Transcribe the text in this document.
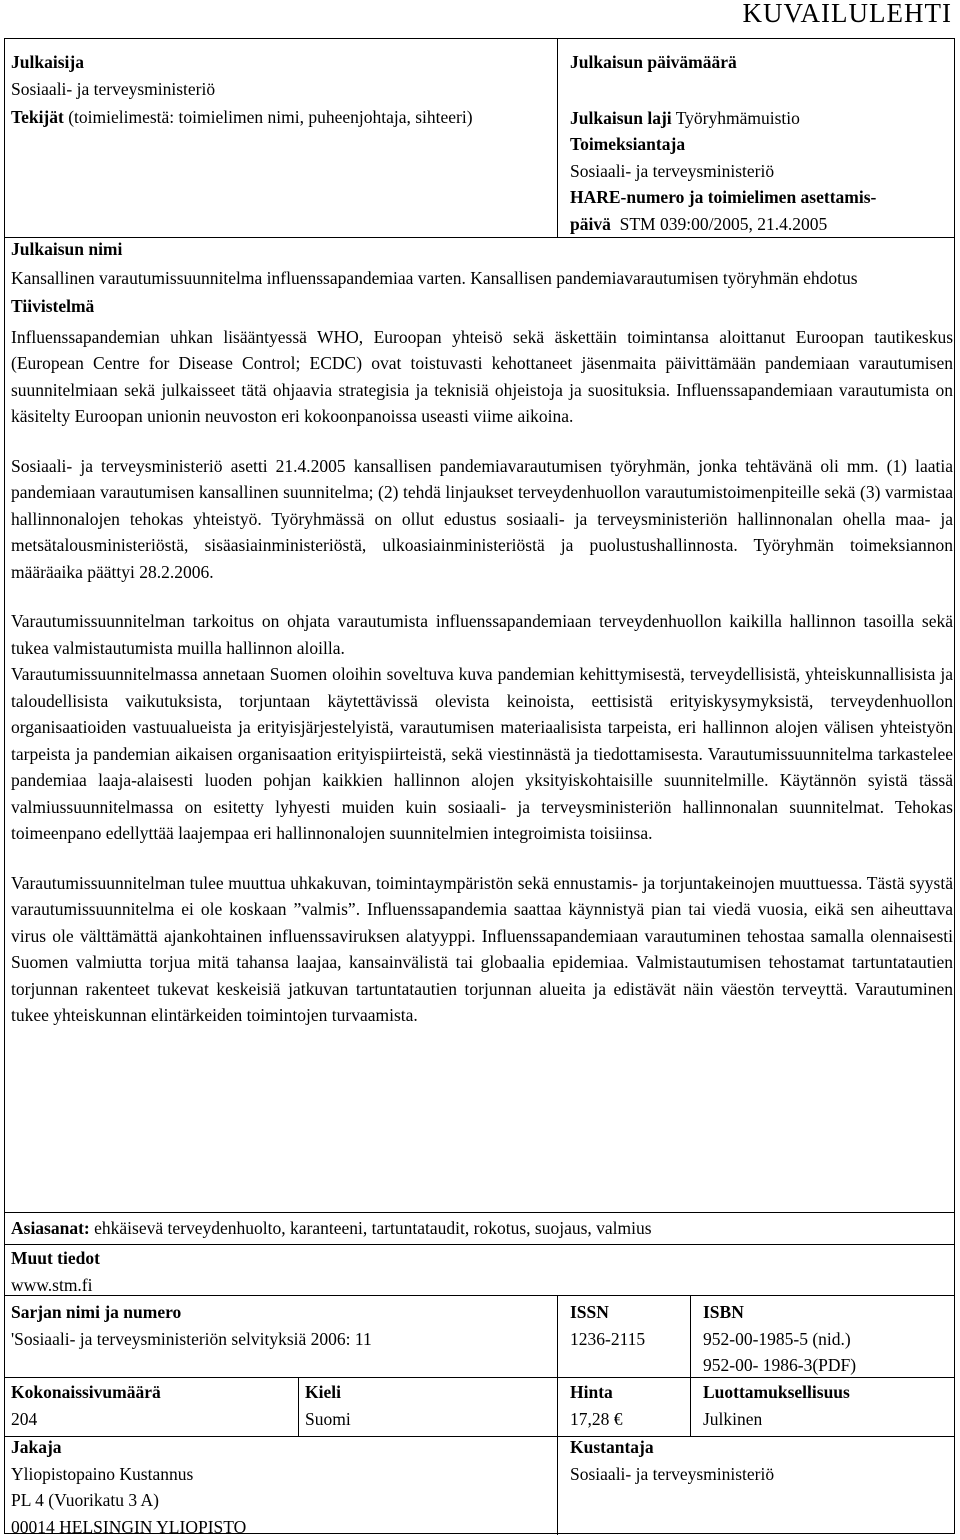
KUVAILULEHTI
Julkaisija
Sosiaali- ja terveysministeriö
Tekijät (toimielimestä: toimielimen nimi, puheenjohtaja, sihteeri)
Julkaisun päivämäärä
Julkaisun laji Työryhmämuistio
Toimeksiantaja
Sosiaali- ja terveysministeriö
HARE-numero ja toimielimen asettamis-
päivä STM 039:00/2005, 21.4.2005
Julkaisun nimi
Kansallinen varautumissuunnitelma influenssapandemiaa varten. Kansallisen pandemiavarautumisen työryhmän ehdotus
Tiivistelmä
Influenssapandemian uhkan lisääntyessä WHO, Euroopan yhteisö sekä äskettäin toimintansa aloittanut Euroopan tautikeskus (European Centre for Disease Control; ECDC) ovat toistuvasti kehottaneet jäsenmaita päivittämään pandemiaan varautumisen suunnitelmiaan sekä julkaisseet tätä ohjaavia strategisia ja teknisiä ohjeistoja ja suosituksia. Influenssapandemiaan varautumista on käsitelty Euroopan unionin neuvoston eri kokoonpanoissa useasti viime aikoina.
Sosiaali- ja terveysministeriö asetti 21.4.2005 kansallisen pandemiavarautumisen työryhmän, jonka tehtävänä oli mm. (1) laatia pandemiaan varautumisen kansallinen suunnitelma; (2) tehdä linjaukset terveydenhuollon varautumistoimenpiteille sekä (3) varmistaa hallinnonalojen tehokas yhteistyö. Työryhmässä on ollut edustus sosiaali- ja terveysministeriön hallinnonalan ohella maa- ja metsätalousministeriöstä, sisäasiainministeriöstä, ulkoasiainministeriöstä ja puolustushallinnosta. Työryhmän toimeksiannon määräaika päättyi 28.2.2006.
Varautumissuunnitelman tarkoitus on ohjata varautumista influenssapandemiaan terveydenhuollon kaikilla hallinnon tasoilla sekä tukea valmistautumista muilla hallinnon aloilla.
Varautumissuunnitelmassa annetaan Suomen oloihin soveltuva kuva pandemian kehittymisestä, terveydellisistä, yhteiskunnallisista ja taloudellisista vaikutuksista, torjuntaan käytettävissä olevista keinoista, eettisistä erityiskysymyksistä, terveydenhuollon organisaatioiden vastuualueista ja erityisjärjestelyistä, varautumisen materiaalisista tarpeista, eri hallinnon alojen välisen yhteistyön tarpeista ja pandemian aikaisen organisaation erityispiirteistä, sekä viestinnästä ja tiedottamisesta. Varautumissuunnitelma tarkastelee pandemiaa laaja-alaisesti luoden pohjan kaikkien hallinnon alojen yksityiskohtaisille suunnitelmille. Käytännön syistä tässä valmiussuunnitelmassa on esitetty lyhyesti muiden kuin sosiaali- ja terveysministeriön hallinnonalan suunnitelmat. Tehokas toimeenpano edellyttää laajempaa eri hallinnonalojen suunnitelmien integroimista toisiinsa.
Varautumissuunnitelman tulee muuttua uhkakuvan, toimintaympäristön sekä ennustamis- ja torjuntakeinojen muuttuessa. Tästä syystä varautumissuunnitelma ei ole koskaan ”valmis”. Influenssapandemia saattaa käynnistyä pian tai viedä vuosia, eikä sen aiheuttava virus ole välttämättä ajankohtainen influenssaviruksen alatyyppi. Influenssapandemiaan varautuminen tehostaa samalla olennaisesti Suomen valmiutta torjua mitä tahansa laajaa, kansainvälistä tai globaalia epidemiaa. Valmistautumisen tehostamat tartuntatautien torjunnan rakenteet tukevat keskeisiä jatkuvan tartuntatautien torjunnan alueita ja edistävät näin väestön terveyttä. Varautuminen tukee yhteiskunnan elintärkeiden toimintojen turvaamista.
Asiasanat: ehkäisevä terveydenhuolto, karanteeni, tartuntataudit, rokotus, suojaus, valmius
Muut tiedot
www.stm.fi
Sarjan nimi ja numero
'Sosiaali- ja terveysministeriön selvityksiä 2006: 11
ISSN
1236-2115
ISBN
952-00-1985-5 (nid.)
952-00- 1986-3(PDF)
Kokonaissivumäärä
204
Kieli
Suomi
Hinta
17,28 €
Luottamuksellisuus
Julkinen
Jakaja
Yliopistopaino Kustannus
PL 4 (Vuorikatu 3 A)
00014 HELSINGIN YLIOPISTO
Kustantaja
Sosiaali- ja terveysministeriö
